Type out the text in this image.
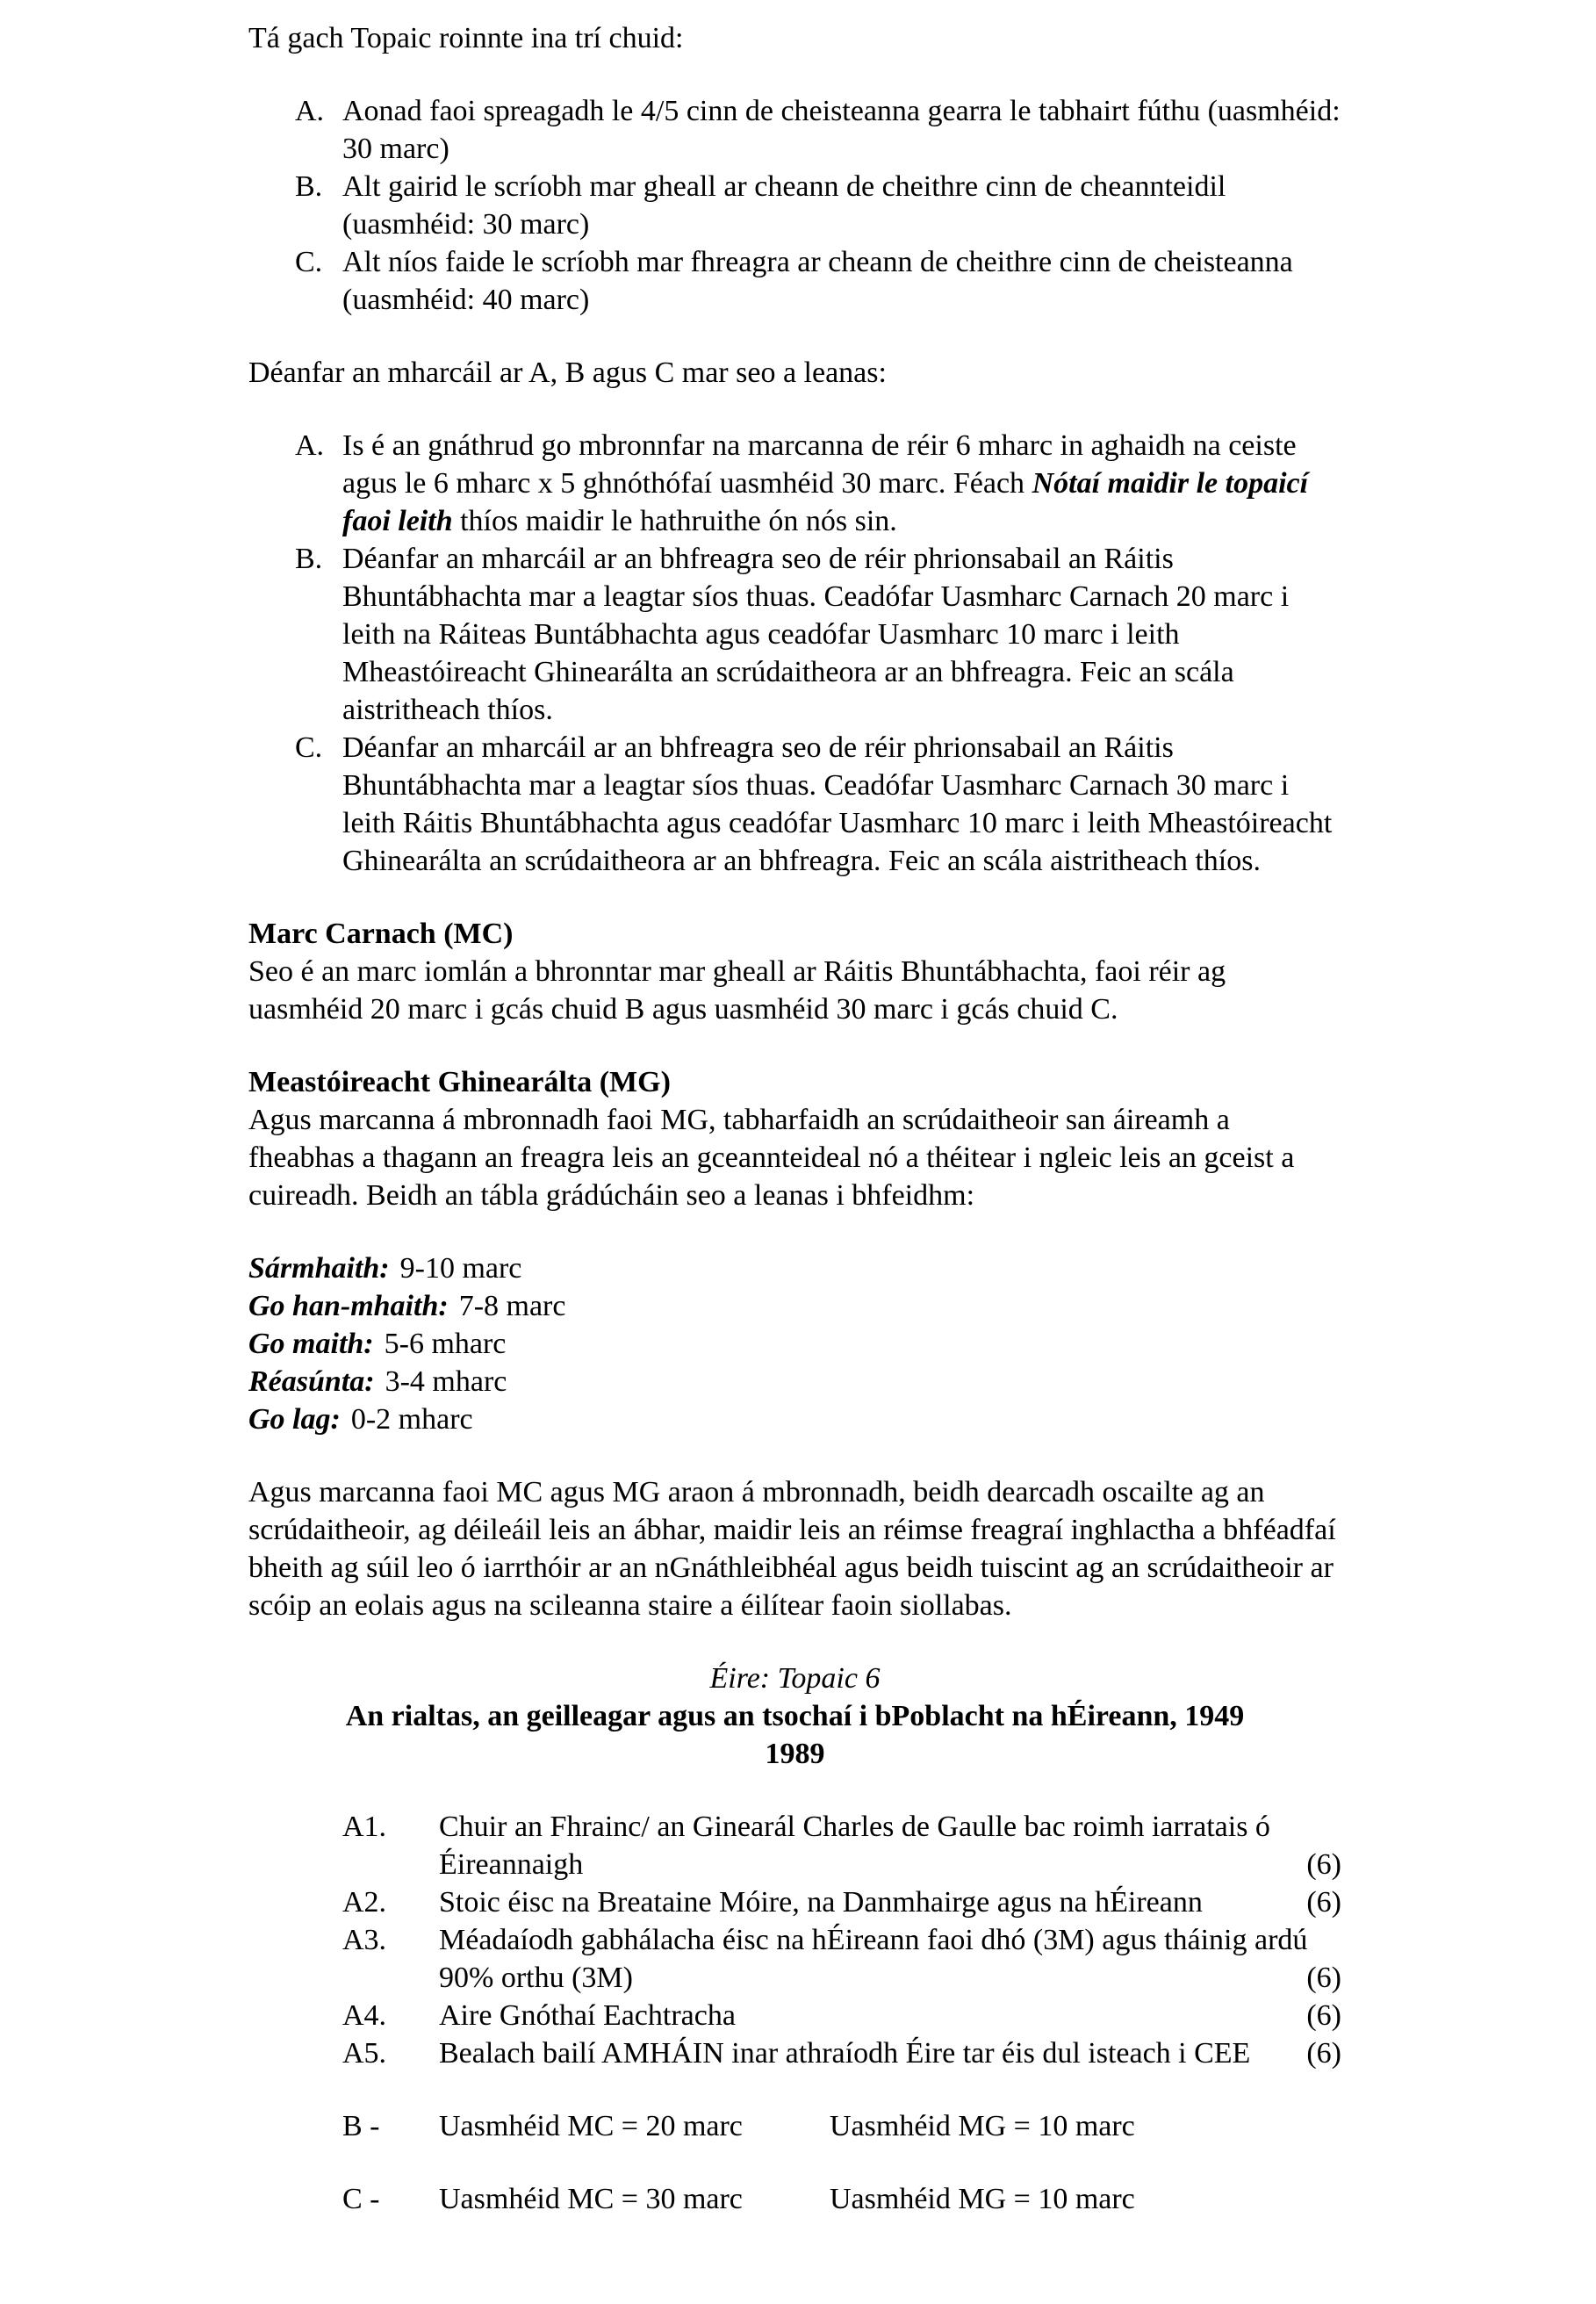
Tá gach Topaic roinnte ina trí chuid:
A. Aonad faoi spreagadh le 4/5 cinn de cheisteanna gearra le tabhairt fúthu (uasmhéid: 30 marc)
B. Alt gairid le scríobh mar gheall ar cheann de cheithre cinn de cheannteidil (uasmhéid: 30 marc)
C. Alt níos faide le scríobh mar fhreagra ar cheann de cheithre cinn de cheisteanna (uasmhéid: 40 marc)
Déanfar an mharcáil ar A, B agus C mar seo a leanas:
A. Is é an gnáthrud go mbronnfar na marcanna de réir 6 mharc in aghaidh na ceiste agus le 6 mharc x 5 ghnóthófaí uasmhéid 30 marc. Féach Nótaí maidir le topaicí faoi leith thíos maidir le hathruithe ón nós sin.
B. Déanfar an mharcáil ar an bhfreagra seo de réir phrionsabail an Ráitis Bhuntábhachta mar a leagtar síos thuas. Ceadófar Uasmharc Carnach 20 marc i leith na Ráiteas Buntábhachta agus ceadófar Uasmharc 10 marc i leith Mheastóireacht Ghinearálta an scrúdaitheora ar an bhfreagra. Feic an scála aistritheach thíos.
C. Déanfar an mharcáil ar an bhfreagra seo de réir phrionsabail an Ráitis Bhuntábhachta mar a leagtar síos thuas. Ceadófar Uasmharc Carnach 30 marc i leith Ráitis Bhuntábhachta agus ceadófar Uasmharc 10 marc i leith Mheastóireacht Ghinearálta an scrúdaitheora ar an bhfreagra. Feic an scála aistritheach thíos.
Marc Carnach (MC)
Seo é an marc iomlán a bhronntar mar gheall ar Ráitis Bhuntábhachta, faoi réir ag uasmhéid 20 marc i gcás chuid B agus uasmhéid 30 marc i gcás chuid C.
Meastóireacht Ghinearálta (MG)
Agus marcanna á mbronnadh faoi MG, tabharfaidh an scrúdaitheoir san áireamh a fheabhas a thagann an freagra leis an gceannteideal nó a théitear i ngleic leis an gceist a cuireadh. Beidh an tábla grádúcháin seo a leanas i bhfeidhm:
Sármhaith: 9-10 marc
Go han-mhaith: 7-8 marc
Go maith: 5-6 mharc
Réasúnta: 3-4 mharc
Go lag: 0-2 mharc
Agus marcanna faoi MC agus MG araon á mbronnadh, beidh dearcadh oscailte ag an scrúdaitheoir, ag déileáil leis an ábhar, maidir leis an réimse freagraí inghlactha a bhféadfaí bheith ag súil leo ó iarrthóir ar an nGnáthleibhéal agus beidh tuiscint ag an scrúdaitheoir ar scóip an eolais agus na scileanna staire a éilítear faoin siollabas.
Éire: Topaic 6
An rialtas, an geilleagar agus an tsochaí i bPoblacht na hÉireann, 1949
1989
A1.	Chuir an Fhrainc/ an Ginearál Charles de Gaulle bac roimh iarratais ó Éireannaigh	(6)
A2.	Stoic éisc na Breataine Móire, na Danmhairge agus na hÉireann	(6)
A3.	Méadaíodh gabhálacha éisc na hÉireann faoi dhó (3M) agus tháinig ardú 90% orthu (3M)	(6)
A4.	Aire Gnóthaí Eachtracha	(6)
A5.	Bealach bailí AMHÁIN inar athraíodh Éire tar éis dul isteach i CEE (6)
B -	Uasmhéid MC = 20 marc	Uasmhéid MG = 10 marc
C -	Uasmhéid MC = 30 marc	Uasmhéid MG = 10 marc
